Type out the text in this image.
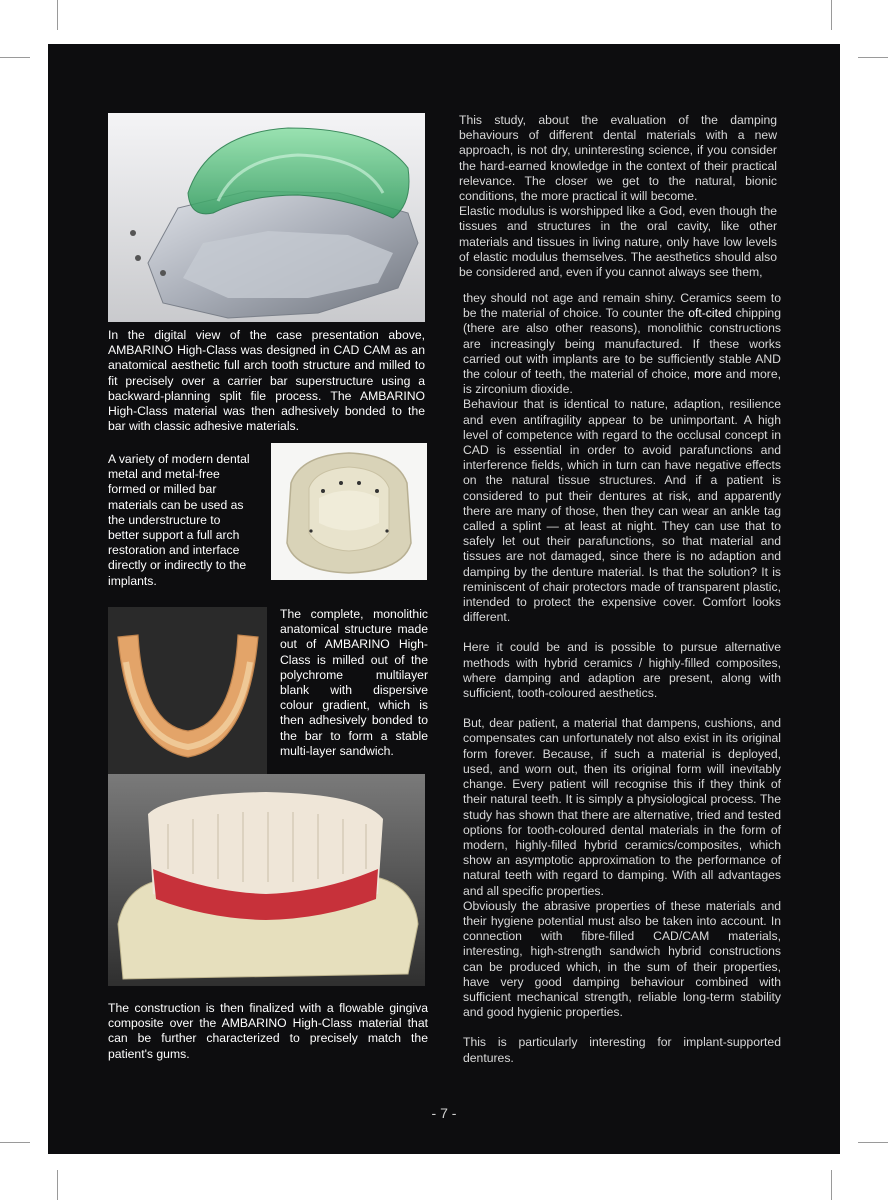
In the digital view of the case presentation above, AMBARINO High-Class was designed in CAD CAM as an anatomical aesthetic full arch tooth structure and milled to fit precisely over a carrier bar superstructure using a backward-planning split file process. The AMBARINO High-Class material was then adhesively bonded to the bar with classic adhesive materials.
A variety of modern dental metal and metal-free formed or milled bar materials can be used as the understructure to better support a full arch restoration and interface directly or indirectly to the implants.
The complete, monolithic anatomical structure made out of AMBARINO High-Class is milled out of the polychrome multilayer blank with dispersive colour gradient, which is then adhesively bonded to the bar to form a stable multi-layer sandwich.
The construction is then finalized with a flowable gingiva composite over the AMBARINO High-Class material that can be further characterized to precisely match the patient's gums.

This study, about the evaluation of the damping behaviours of different dental materials with a new approach, is not dry, uninteresting science, if you consider the hard-earned knowledge in the context of their practical relevance. The closer we get to the natural, bionic conditions, the more practical it will become.

Elastic modulus is worshipped like a God, even though the tissues and structures in the oral cavity, like other materials and tissues in living nature, only have low levels of elastic modulus themselves. The aesthetics should also be considered and, even if you cannot always see them,

they should not age and remain shiny. Ceramics seem to be the material of choice. To counter the oft-cited chipping (there are also other reasons), monolithic constructions are increasingly being manufactured. If these works carried out with implants are to be sufficiently stable AND the colour of teeth, the material of choice, more and more, is zirconium dioxide.

Behaviour that is identical to nature, adaption, resilience and even antifragility appear to be unimportant. A high level of competence with regard to the occlusal concept in CAD is essential in order to avoid parafunctions and interference fields, which in turn can have negative effects on the natural tissue structures. And if a patient is considered to put their dentures at risk, and apparently there are many of those, then they can wear an ankle tag called a splint — at least at night. They can use that to safely let out their parafunctions, so that material and tissues are not damaged, since there is no adaption and damping by the denture material. Is that the solution? It is reminiscent of chair protectors made of transparent plastic, intended to protect the expensive cover. Comfort looks different.

Here it could be and is possible to pursue alternative methods with hybrid ceramics / highly-filled composites, where damping and adaption are present, along with sufficient, tooth-coloured aesthetics.

But, dear patient, a material that dampens, cushions, and compensates can unfortunately not also exist in its original form forever. Because, if such a material is deployed, used, and worn out, then its original form will inevitably change. Every patient will recognise this if they think of their natural teeth. It is simply a physiological process. The study has shown that there are alternative, tried and tested options for tooth-coloured dental materials in the form of modern, highly-filled hybrid ceramics/composites, which show an asymptotic approximation to the performance of natural teeth with regard to damping. With all advantages and all specific properties.

Obviously the abrasive properties of these materials and their hygiene potential must also be taken into account. In connection with fibre-filled CAD/CAM materials, interesting, high-strength sandwich hybrid constructions can be produced which, in the sum of their properties, have very good damping behaviour combined with sufficient mechanical strength, reliable long-term stability and good hygienic properties.

This is particularly interesting for implant-supported dentures.

- 7 -
